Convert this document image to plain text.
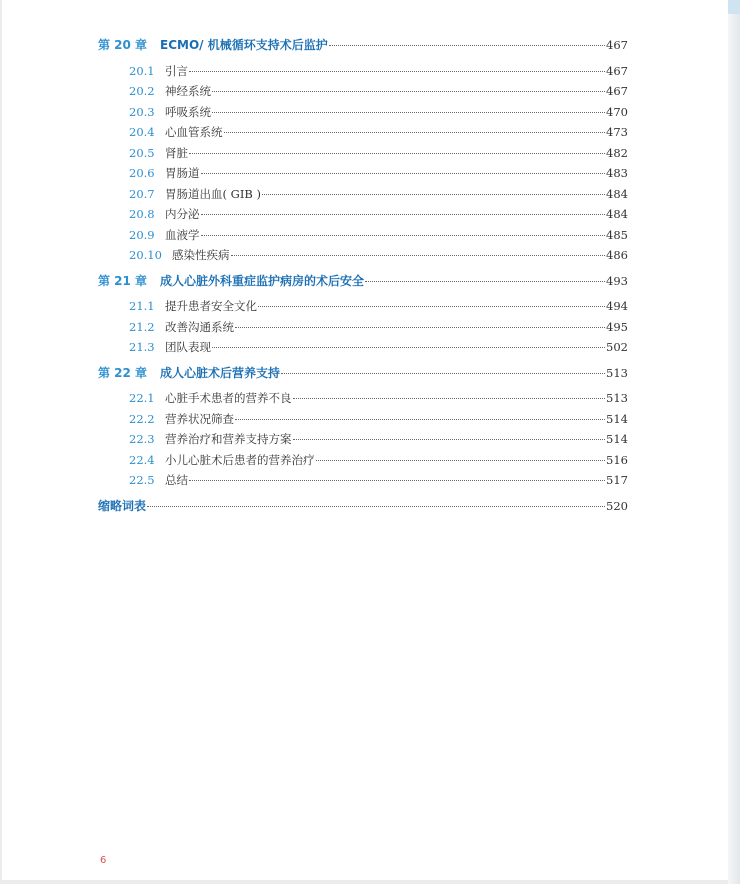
第 20 章	ECMO/ 机械循环支持术后监护	467
20.1 引言	467
20.2 神经系统	467
20.3 呼吸系统	470
20.4 心血管系统	473
20.5 肾脏	482
20.6 胃肠道	483
20.7 胃肠道出血( GIB )	484
20.8 内分泌	484
20.9 血液学	485
20.10 感染性疾病	486
第 21 章	成人心脏外科重症监护病房的术后安全	493
21.1 提升患者安全文化	494
21.2 改善沟通系统	495
21.3 团队表现	502
第 22 章	成人心脏术后营养支持	513
22.1 心脏手术患者的营养不良	513
22.2 营养状况筛查	514
22.3 营养治疗和营养支持方案	514
22.4 小儿心脏术后患者的营养治疗	516
22.5 总结	517
缩略词表	520
6
